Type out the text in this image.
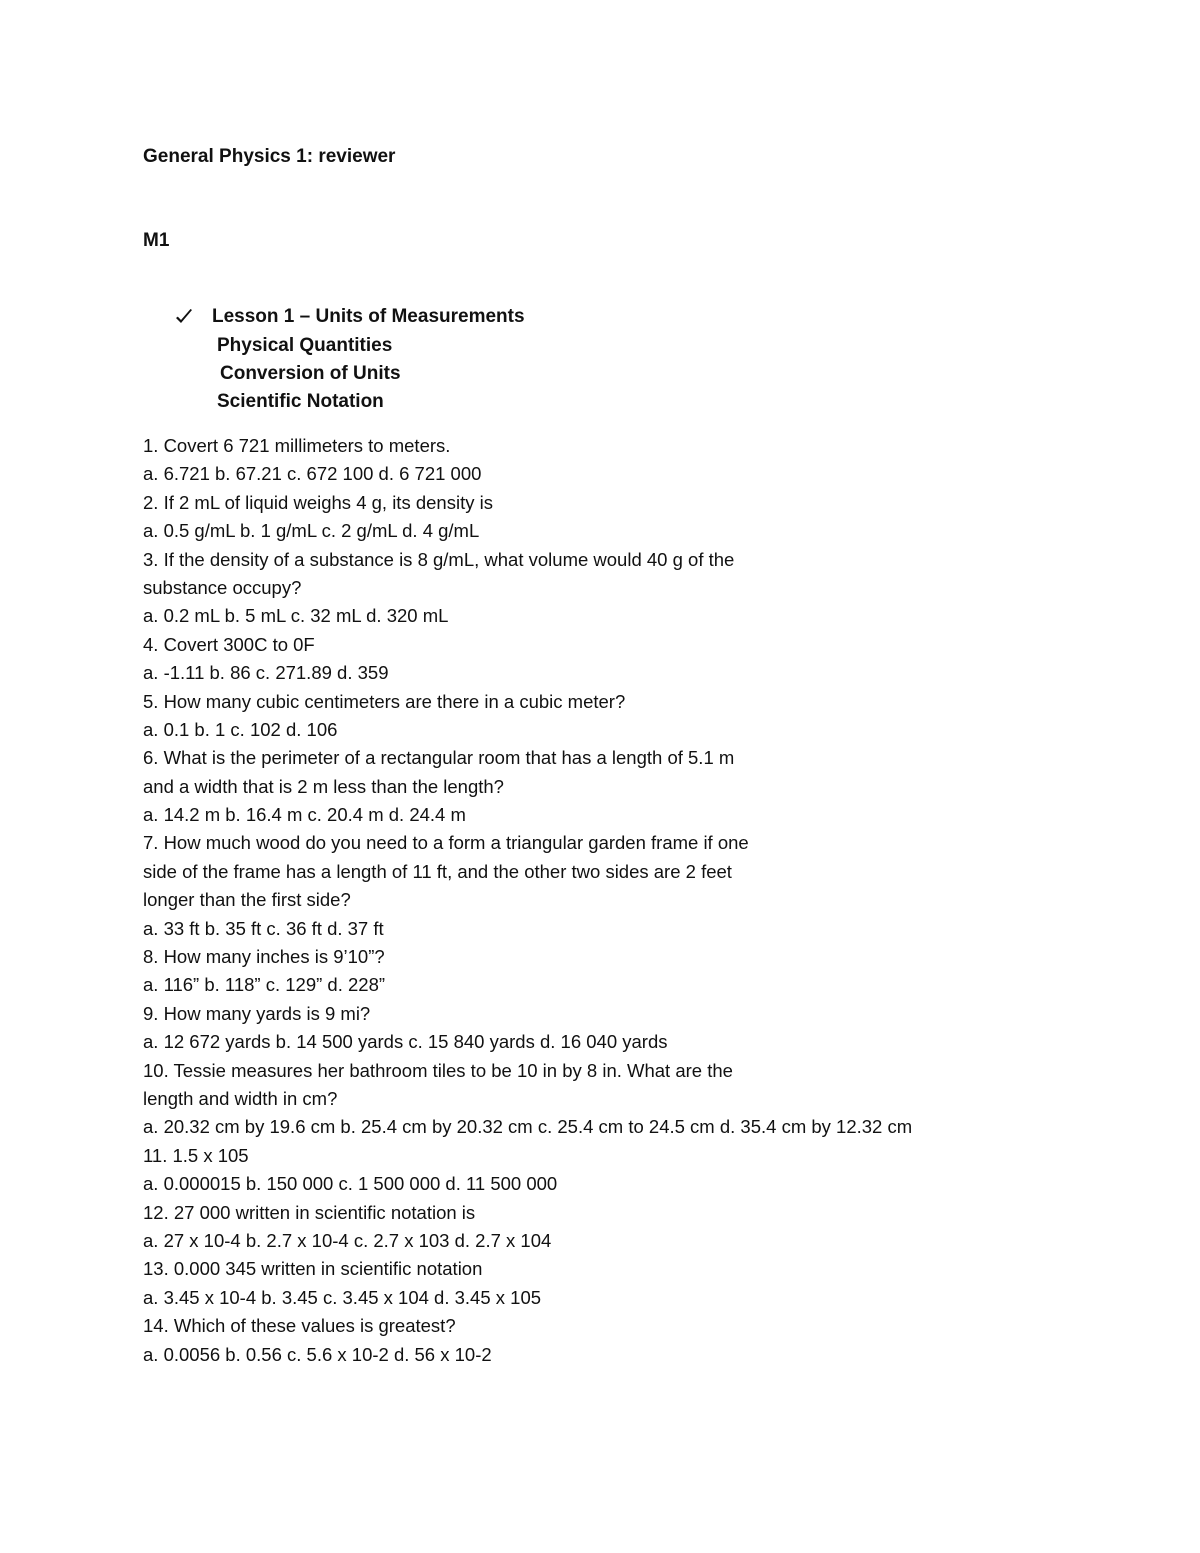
General Physics 1: reviewer
M1
Lesson 1 – Units of Measurements
Physical Quantities
Conversion of Units
Scientific Notation
1. Covert 6 721 millimeters to meters.
a. 6.721 b. 67.21 c. 672 100 d. 6 721 000
2. If 2 mL of liquid weighs 4 g, its density is
a. 0.5 g/mL b. 1 g/mL c. 2 g/mL d. 4 g/mL
3. If the density of a substance is 8 g/mL, what volume would 40 g of the
substance occupy?
a. 0.2 mL b. 5 mL c. 32 mL d. 320 mL
4. Covert 300C to 0F
a. -1.11 b. 86 c. 271.89 d. 359
5. How many cubic centimeters are there in a cubic meter?
a. 0.1 b. 1 c. 102 d. 106
6. What is the perimeter of a rectangular room that has a length of 5.1 m
and a width that is 2 m less than the length?
a. 14.2 m b. 16.4 m c. 20.4 m d. 24.4 m
7. How much wood do you need to a form a triangular garden frame if one
side of the frame has a length of 11 ft, and the other two sides are 2 feet
longer than the first side?
a. 33 ft b. 35 ft c. 36 ft d. 37 ft
8. How many inches is 9’10”?
a. 116” b. 118” c. 129” d. 228”
9. How many yards is 9 mi?
a. 12 672 yards b. 14 500 yards c. 15 840 yards d. 16 040 yards
10. Tessie measures her bathroom tiles to be 10 in by 8 in. What are the
length and width in cm?
a. 20.32 cm by 19.6 cm b. 25.4 cm by 20.32 cm c. 25.4 cm to 24.5 cm d. 35.4 cm by 12.32 cm
11. 1.5 x 105
a. 0.000015 b. 150 000 c. 1 500 000 d. 11 500 000
12. 27 000 written in scientific notation is
a. 27 x 10-4 b. 2.7 x 10-4 c. 2.7 x 103 d. 2.7 x 104
13. 0.000 345 written in scientific notation
a. 3.45 x 10-4 b. 3.45 c. 3.45 x 104 d. 3.45 x 105
14. Which of these values is greatest?
a. 0.0056 b. 0.56 c. 5.6 x 10-2 d. 56 x 10-2
